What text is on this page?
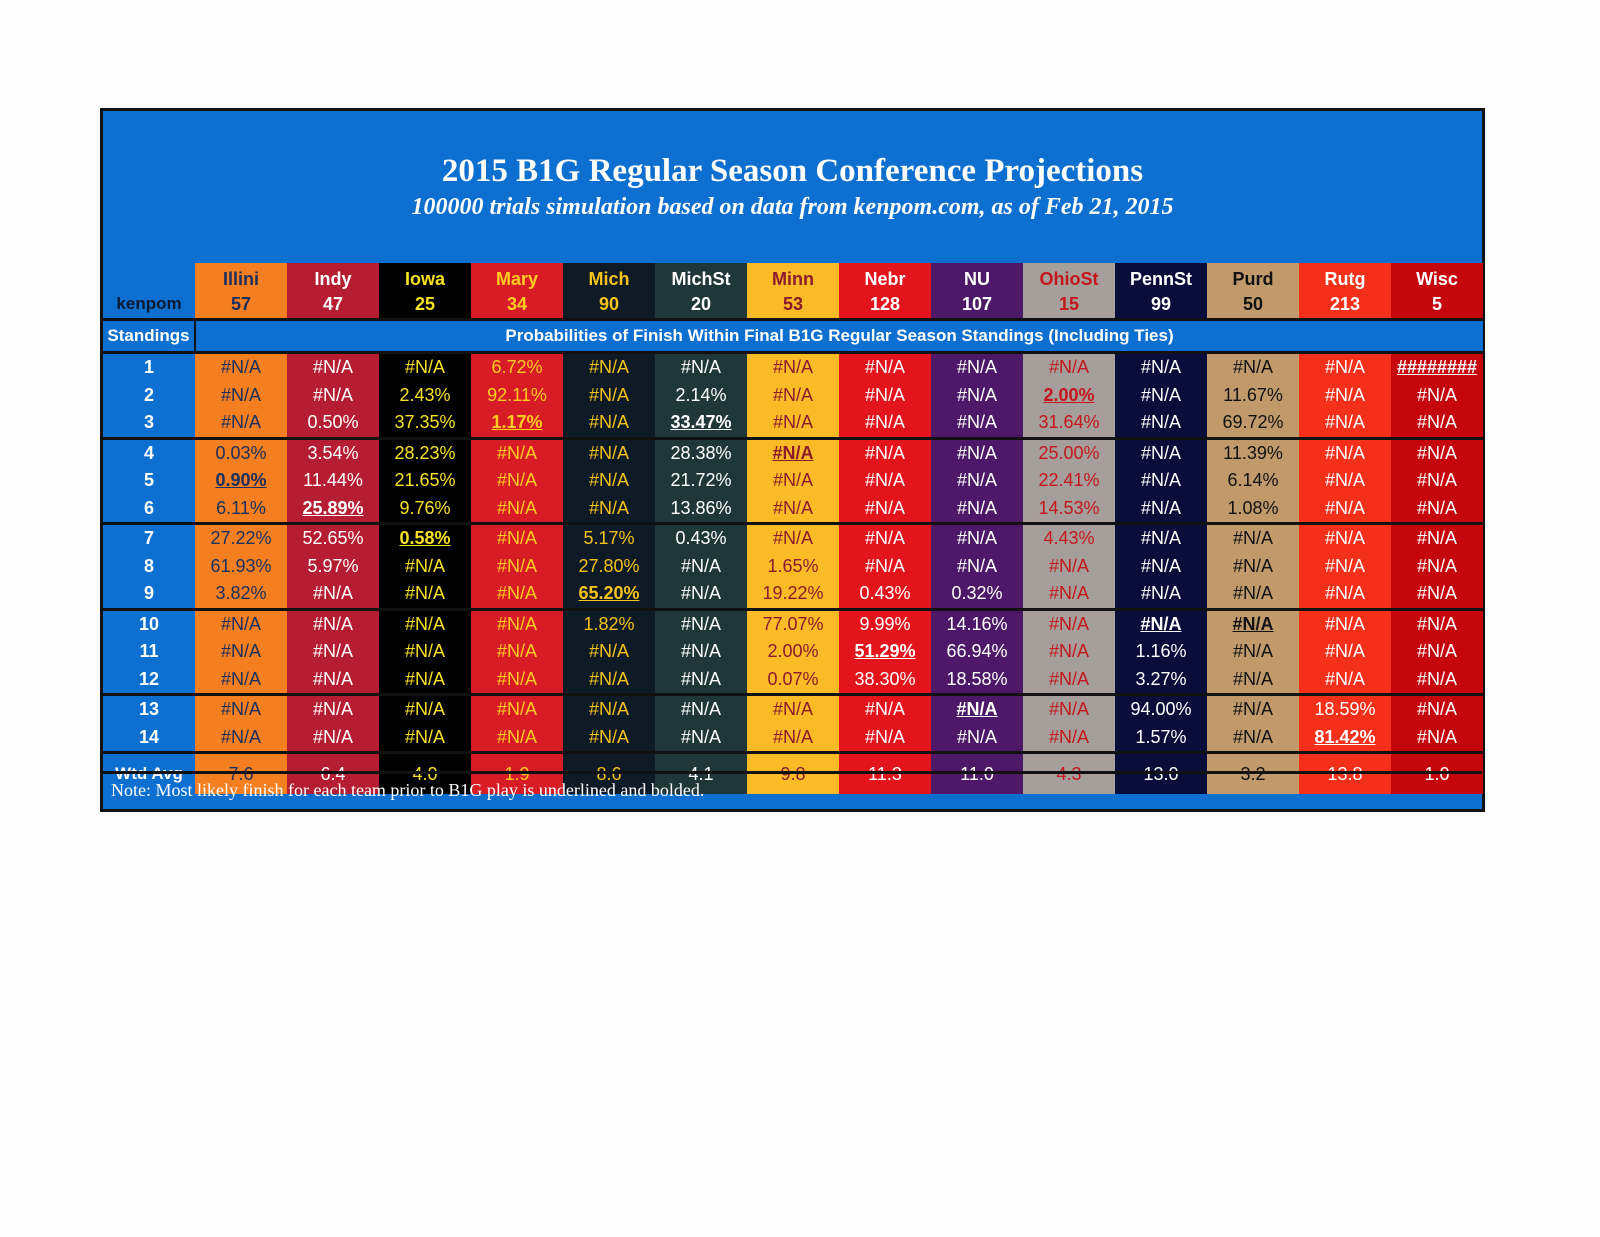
2015 B1G Regular Season Conference Projections
100000 trials simulation based on data from kenpom.com, as of Feb 21, 2015
	Illini	Indy	Iowa	Mary	Mich	MichSt	Minn	Nebr	NU	OhioSt	PennSt	Purd	Rutg	Wisc
kenpom	57	47	25	34	90	20	53	128	107	15	99	50	213	5
Standings	Probabilities of Finish Within Final B1G Regular Season Standings (Including Ties)													
1	#N/A	#N/A	#N/A	6.72%	#N/A	#N/A	#N/A	#N/A	#N/A	#N/A	#N/A	#N/A	#N/A	########
2	#N/A	#N/A	2.43%	92.11%	#N/A	2.14%	#N/A	#N/A	#N/A	2.00%	#N/A	11.67%	#N/A	#N/A
3	#N/A	0.50%	37.35%	1.17%	#N/A	33.47%	#N/A	#N/A	#N/A	31.64%	#N/A	69.72%	#N/A	#N/A
4	0.03%	3.54%	28.23%	#N/A	#N/A	28.38%	#N/A	#N/A	#N/A	25.00%	#N/A	11.39%	#N/A	#N/A
5	0.90%	11.44%	21.65%	#N/A	#N/A	21.72%	#N/A	#N/A	#N/A	22.41%	#N/A	6.14%	#N/A	#N/A
6	6.11%	25.89%	9.76%	#N/A	#N/A	13.86%	#N/A	#N/A	#N/A	14.53%	#N/A	1.08%	#N/A	#N/A
7	27.22%	52.65%	0.58%	#N/A	5.17%	0.43%	#N/A	#N/A	#N/A	4.43%	#N/A	#N/A	#N/A	#N/A
8	61.93%	5.97%	#N/A	#N/A	27.80%	#N/A	1.65%	#N/A	#N/A	#N/A	#N/A	#N/A	#N/A	#N/A
9	3.82%	#N/A	#N/A	#N/A	65.20%	#N/A	19.22%	0.43%	0.32%	#N/A	#N/A	#N/A	#N/A	#N/A
10	#N/A	#N/A	#N/A	#N/A	1.82%	#N/A	77.07%	9.99%	14.16%	#N/A	#N/A	#N/A	#N/A	#N/A
11	#N/A	#N/A	#N/A	#N/A	#N/A	#N/A	2.00%	51.29%	66.94%	#N/A	1.16%	#N/A	#N/A	#N/A
12	#N/A	#N/A	#N/A	#N/A	#N/A	#N/A	0.07%	38.30%	18.58%	#N/A	3.27%	#N/A	#N/A	#N/A
13	#N/A	#N/A	#N/A	#N/A	#N/A	#N/A	#N/A	#N/A	#N/A	#N/A	94.00%	#N/A	18.59%	#N/A
14	#N/A	#N/A	#N/A	#N/A	#N/A	#N/A	#N/A	#N/A	#N/A	#N/A	1.57%	#N/A	81.42%	#N/A
Wtd Avg	7.6	6.4	4.0	1.9	8.6	4.1	9.8	11.3	11.0	4.3	13.0	3.2	13.8	1.0
Note: Most likely finish for each team prior to B1G play is underlined and bolded.
